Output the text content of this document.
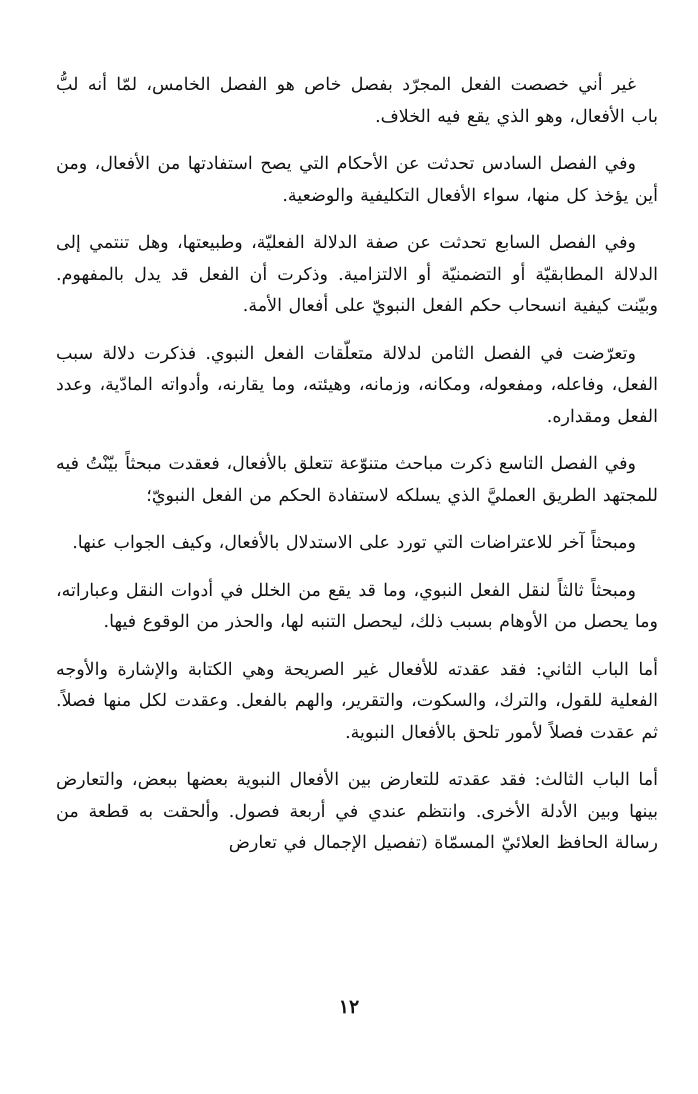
غير أني خصصت الفعل المجرّد بفصل خاص هو الفصل الخامس، لمّا أنه لبُّ باب الأفعال، وهو الذي يقع فيه الخلاف.

وفي الفصل السادس تحدثت عن الأحكام التي يصح استفادتها من الأفعال، ومن أين يؤخذ كل منها، سواء الأفعال التكليفية والوضعية.

وفي الفصل السابع تحدثت عن صفة الدلالة الفعليّة، وطبيعتها، وهل تنتمي إلى الدلالة المطابقيّة أو التضمنيّة أو الالتزامية. وذكرت أن الفعل قد يدل بالمفهوم. وبيّنت كيفية انسحاب حكم الفعل النبويّ على أفعال الأمة.

وتعرّضت في الفصل الثامن لدلالة متعلّقات الفعل النبوي. فذكرت دلالة سبب الفعل، وفاعله، ومفعوله، ومكانه، وزمانه، وهيئته، وما يقارنه، وأدواته المادّية، وعدد الفعل ومقداره.

وفي الفصل التاسع ذكرت مباحث متنوّعة تتعلق بالأفعال، فعقدت مبحثاً بيّنْتُ فيه للمجتهد الطريق العمليَّ الذي يسلكه لاستفادة الحكم من الفعل النبويّ؛

ومبحثاً آخر للاعتراضات التي تورد على الاستدلال بالأفعال، وكيف الجواب عنها.

ومبحثاً ثالثاً لنقل الفعل النبوي، وما قد يقع من الخلل في أدوات النقل وعباراته، وما يحصل من الأوهام بسبب ذلك، ليحصل التنبه لها، والحذر من الوقوع فيها.

أما الباب الثاني: فقد عقدته للأفعال غير الصريحة وهي الكتابة والإشارة والأوجه الفعلية للقول، والترك، والسكوت، والتقرير، والهم بالفعل. وعقدت لكل منها فصلاً. ثم عقدت فصلاً لأمور تلحق بالأفعال النبوية.

أما الباب الثالث: فقد عقدته للتعارض بين الأفعال النبوية بعضها ببعض، والتعارض بينها وبين الأدلة الأخرى. وانتظم عندي في أربعة فصول. وألحقت به قطعة من رسالة الحافظ العلائيّ المسمّاة (تفصيل الإجمال في تعارض

١٢
